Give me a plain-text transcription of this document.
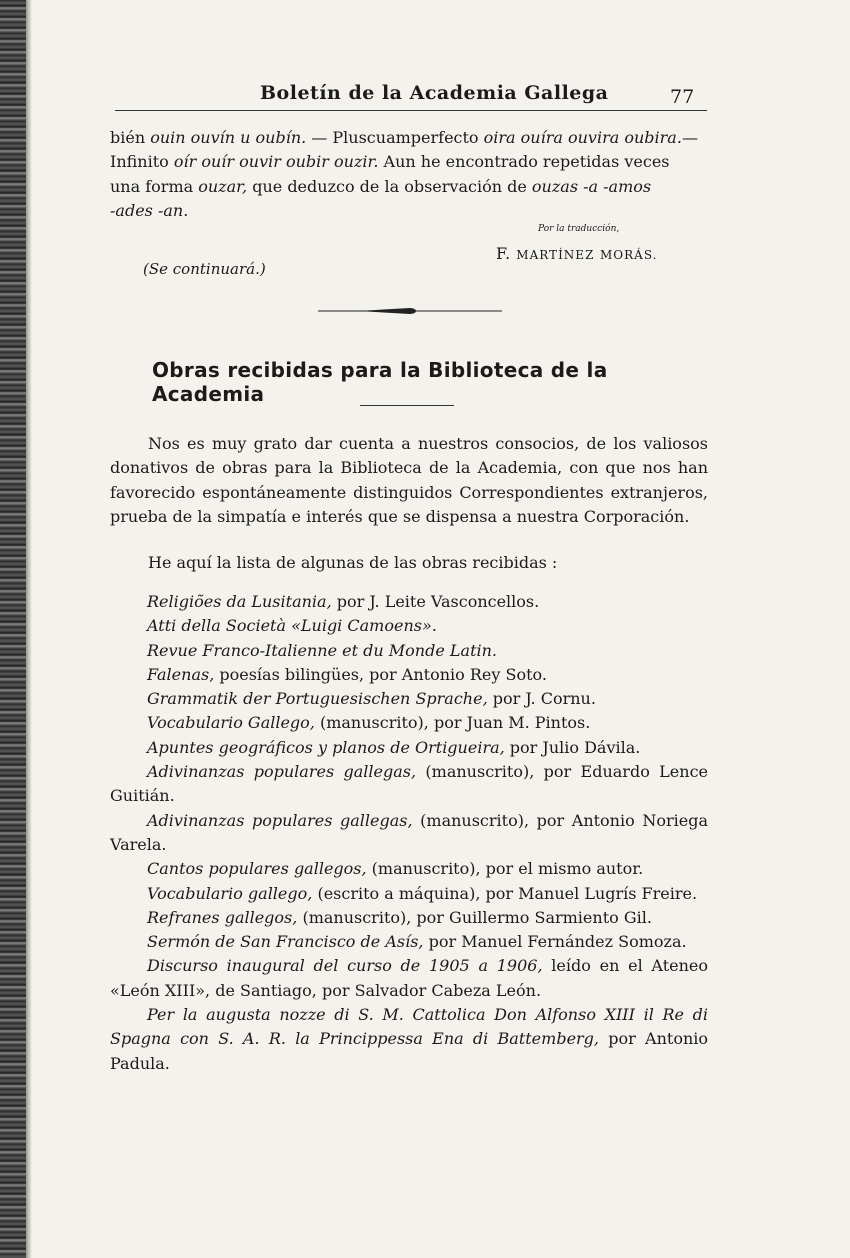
Boletín de la Academia Gallega	77

bién ouin ouvín u oubín. — Pluscuamperfecto oira ouíra ouvira oubira.—
Infinito oír ouír ouvir oubir ouzir. Aun he encontrado repetidas veces
una forma ouzar, que deduzco de la observación de ouzas -a -amos
-ades -an.

Por la traducción,
F. MARTÍNEZ MORÁS.
(Se continuará.)
Obras recibidas para la Biblioteca de la Academia

Nos es muy grato dar cuenta a nuestros consocios, de los valiosos donativos de obras para la Biblioteca de la Academia, con que nos han favorecido espontáneamente distinguidos Correspondientes extranjeros, prueba de la simpatía e interés que se dispensa a nuestra Corporación.

He aquí la lista de algunas de las obras recibidas :
Religiões da Lusitania, por J. Leite Vasconcellos.
Atti della Società «Luigi Camoens».
Revue Franco-Italienne et du Monde Latin.
Falenas, poesías bilingües, por Antonio Rey Soto.
Grammatik der Portuguesischen Sprache, por J. Cornu.
Vocabulario Gallego, (manuscrito), por Juan M. Pintos.
Apuntes geográficos y planos de Ortigueira, por Julio Dávila.
Adivinanzas populares gallegas, (manuscrito), por Eduardo Lence Guitián.
Adivinanzas populares gallegas, (manuscrito), por Antonio Noriega Varela.
Cantos populares gallegos, (manuscrito), por el mismo autor.
Vocabulario gallego, (escrito a máquina), por Manuel Lugrís Freire.
Refranes gallegos, (manuscrito), por Guillermo Sarmiento Gil.
Sermón de San Francisco de Asís, por Manuel Fernández Somoza.
Discurso inaugural del curso de 1905 a 1906, leído en el Ateneo «León XIII», de Santiago, por Salvador Cabeza León.
Per la augusta nozze di S. M. Cattolica Don Alfonso XIII il Re di Spagna con S. A. R. la Princippessa Ena di Battemberg, por Antonio Padula.
